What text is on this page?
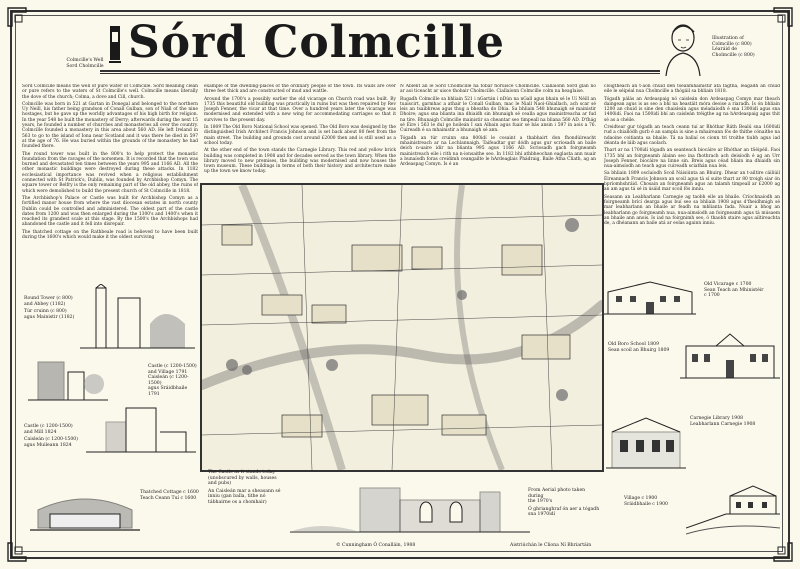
Colmcille's Well
Sord Cholmcille Sórd Colmcille	Illustration of
Colmcille (c 800)
Léaráid de
Cholmcille (c 800)

Sord Colmcille means the well of pure water of Colmcille. Sord meaning clean or pure refers to the waters of St Colmcille's well. Colmcille means literally the dove of the church; Colma, a dove and Cill, church.

Colmcille was born in 521 at Gartan in Donegal and belonged to the northern Uy Neill, his father being grandson of Conall Gulban, son of Niall of the nine hostages, but he gave up the worldly advantages of his high birth for religion. In the year 548 he built the monastery of Derry; afterwards during the next 15 years, he founded a number of churches and monasteries all over the country. Colmcille founded a monastery in this area about 560 AD. He left Ireland in 563 to go to the island of Iona near Scotland and it was there he died in 597 at the age of 76. He was buried within the grounds of the monastery he had founded there.

The round tower was built in the 800's to help protect the monastic foundation from the ravages of the norsemen. It is recorded that the town was burned and devastated ten times between the years 995 and 1166 AD. All the other monastic buildings were destroyed during these attacks. In 1182 ecclesiastical importance was revived when a religious establishment connected with St Patrick's, Dublin, was founded by Archbishop Comyn. The square tower or Belfry is the only remaining part of the old abbey, the ruins of which were demolished to build the present church of St Colmcille in 1818.

The Archbishop's Palace or Castle was built for Archbishop Comyn as a fortified manor house from where the vast diocesan estates in north county Dublin could be controlled and administered. The oldest part of the castle dates from 1200 and was then enlarged during the 1300's and 1400's when it reached its grandest scale at this stage. By the 1500's the Archbishops had abandoned the castle and it fell into disrepair.

The thatched cottage on the Rathbeale road is believed to have been built during the 1600's which would make it the oldest surviving

example of the dwelling-places of the ordinary people of the town. Its walls are over three feet thick and are constructed of mud and wattle.

Around the 1700's a possibly earlier the old vicarage on Church road was built. By 1735 this beautiful old building was practically in ruins but was then repaired by Rev Joseph Fenner, the vicar at that time. Over a hundred years later the vicarage was modernised and extended with a new wing for accommodating carriages so that it survives to the present day.

In 1809 The Old Boro National School was opened. The Old Boro was designed by the distinguished Irish Architect Francis Johnson and is set back about 80 feet from the main street. The building and grounds cost around £2000 then and is still used as a school today.

At the other end of the town stands the Carnegie Library. This red and yellow brick building was completed in 1908 and for decades served as the town library. When the library moved to new premises, the building was modernised and now houses the town museum. These buildings in terms of both their history and architecture make up the town we know today.

N Ablent an le Sord Cholmcille na tobar fioruisce Cholmcille. Ciallaíonn Sord glan nó ar aoi ticeacht ar uisce thobair Cholmcille. Ciallaíonn Colmcille colm na heaglaise.

Rugadh Colmcille sa bhliain 521 i nGartán i nDún na nGall agus bhain sé le Uí Néill an tuaiscirt, garmhac a athair le Conall Gulban, mac le Niall Naoi-Ghiallach, ach scar sé leis an tsaibhreas agus thug a bheatha do Dhia. Sa bhliain 548 bhunaigh sé mainistir Dhoire; agus sna blianta ina dhiaidh sin bhunaigh sé cealla agus mainistreacha ar fud na tíre. Bhunaigh Colmcille mainistir sa cheantar seo timpeall na bliana 560 AD. D'fhág sé Éire i 563 le dul go hoileán Í san Albain agus fuair sé bás ansin i 597 in aois a 76. Cuireadh é sa mhainistir a bhunaigh sé ann.

Tógadh an túr cruinn sna 800idí le cosaint a thabhairt don fhondúireacht mhainistreach ar na Lochlannaigh. Taifeadtar gur dódh agus gur scriosadh an baile deich n-uaire idir na blianta 995 agus 1166 AD. Scriosadh gach foirgneamh mainistreach eile i rith na n-ionsaithe seo. In 1182 bhí athbheochan eaglasta ann nuair a bunaíodh foras creidimh ceangailte le hArdeaglais Phádraig, Baile Átha Cliath, ag an Ardeaspag Comyn. Is é an

cloigtheach an t-aon chuid den tseanmhainistir atá fágtha, leagadh an chuid eile le séipéal nua Cholmcille a thógáil sa bhliain 1818.

Tógadh pálás an Ardeaspaig nó caisleán don Ardeaspag Comyn mar theach daingean agus is as seo a bhí na heastáit móra deoise a riaradh. Is ón bhliain 1200 an chuid is sine den chaisleán agus méadaíodh é sna 1300idí agus sna 1400idí. Faoi na 1500idí bhí an caisleán tréigthe ag na hArdeaspaig agus thit sé as a chéile.

Creidtear gur tógadh an teach ceann tuí ar Bhóthar Ráth Bealú sna 1600idí rud a chiallódh gurb é an sampla is sine a mhaireann fós de thithe cónaithe na ndaoine coitianta sa bhaile. Tá na ballaí os cionn trí troithe tiubh agus iad déanta de láib agus caolach.

Thart ar na 1700idí tógadh an seanteach biocáire ar Bhóthar an tSéipéil. Faoi 1735 bhí an foirgneamh álainn seo ina fhothrach ach deisíodh é ag an Urr Joseph Fenner, biocáire na linne sin. Breis agus céad bliain ina dhiaidh sin nua-aimsíodh an teach agus cuireadh sciathán nua leis.

Sa bhliain 1809 osclaíodh Scoil Náisiúnta an Bhuirg. Dhear an t-ailtire cáiliúil Éireannach Francis Johnson an scoil agus tá sí suite thart ar 80 troigh siar ón bpríomhshráid. Chosain an foirgneamh agus an talamh timpeall ar £2000 ag an am agus tá sé in úsáid mar scoil fós inniu.

Seasann an Leabharlann Carnegie ag taobh eile an bhaile. Críochnaíodh an foirgneamh brící dearga agus buí seo sa bhliain 1908 agus d'fheidhmigh sé mar leabharlann an bhaile ar feadh na mblianta fada. Nuair a bhog an leabharlann go foirgneamh nua, nua-aimsíodh an foirgneamh agus tá músaem an bhaile ann anois. Is iad na foirgnimh seo, ó thaobh staire agus ailtireachta de, a dhéanann an baile atá ar eolas againn inniu.

Round Tower (c 800)
and Abbey (1182)
Túr cruinn (c 800)
agus Mainistir (1182)
Castle (c 1200-1500)
and Village 1791
Caisleán (c 1200-1500)
agus Sráidbhaile 1791
Castle (c 1200-1500)
and Mill 1824
Caisleán (c 1200-1500)
agus Muileann 1824
Thatched Cottage c 1600
Teach Ceann Tuí c 1600
The Castle as it stands today
(unobscured by walls, houses
and pubs)
An Caisleán mar a sheasann sé
inniu (gan balla, tithe nó
tábhairne os a chomhair)
From Aerial photo taken during
the 1970's
Ó ghrianghraf ón aer a tógadh
sna 1970idí
Old Vicarage c 1700
Sean Teach an Mhinistéir
c 1700
Old Boro School 1809
Sean scoil an Bhuirg 1809
Carnegie Library 1908
Leabharlann Carnegie 1908
Village c 1900
Sráidbhaile c 1900
© Cunningham Ó Conalláin, 1988	Aistriúchán le Cliona Ní Bhriartáin
